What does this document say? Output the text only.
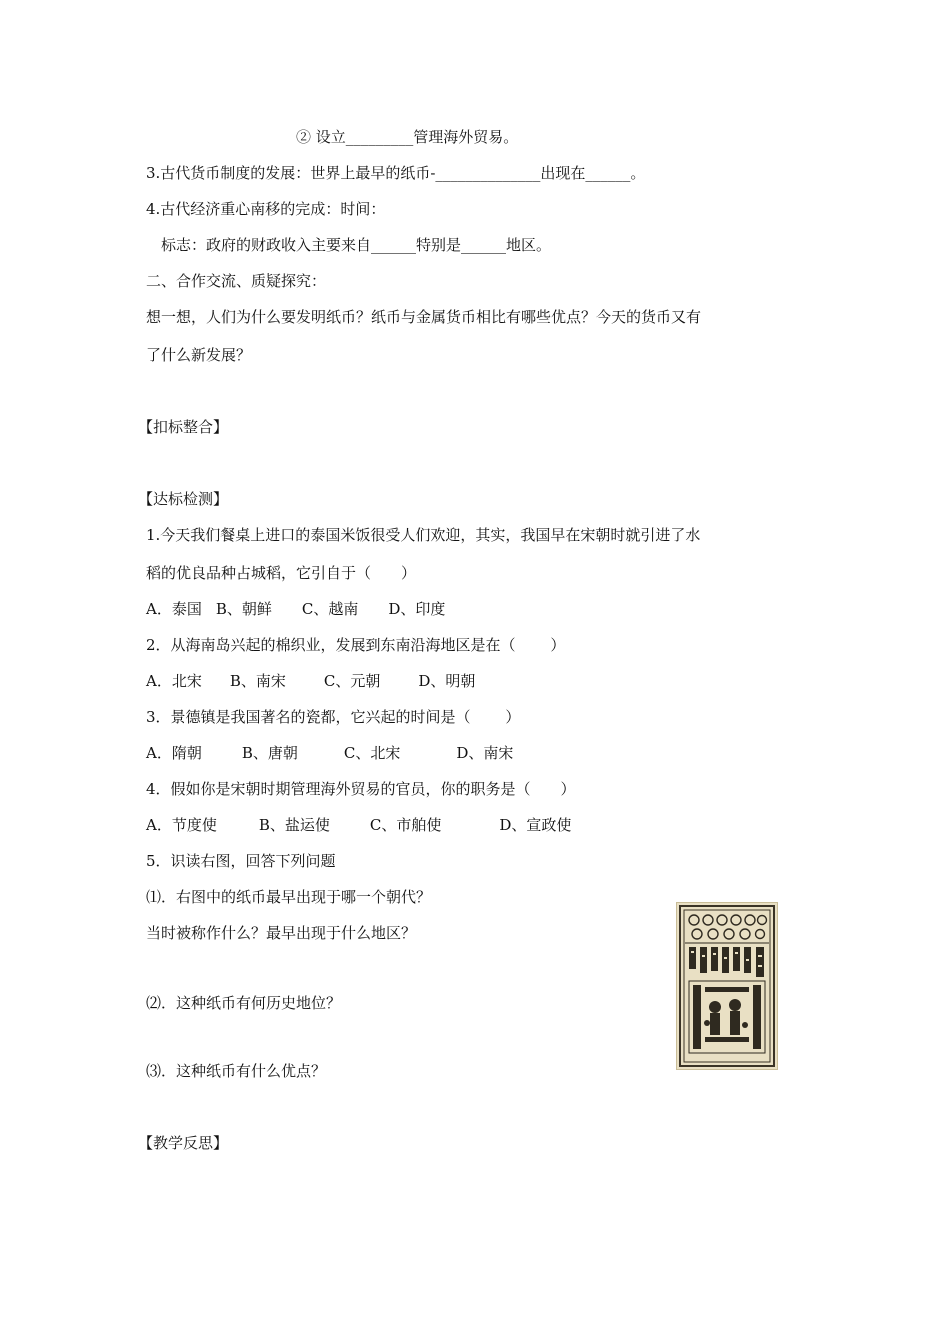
② 设立_________管理海外贸易。
3.古代货币制度的发展：世界上最早的纸币-______________出现在______。
4.古代经济重心南移的完成：时间：
标志：政府的财政收入主要来自______特别是______地区。
二、合作交流、质疑探究：
想一想，人们为什么要发明纸币？纸币与金属货币相比有哪些优点？今天的货币又有
了什么新发展？
【扣标整合】
【达标检测】
1.今天我们餐桌上进口的泰国米饭很受人们欢迎，其实，我国早在宋朝时就引进了水
稻的优良品种占城稻，它引自于（　　）
A．泰国 B、朝鲜 C、越南 D、印度
2．从海南岛兴起的棉织业，发展到东南沿海地区是在（　　 ）
A．北宋 B、南宋	C、元朝	D、明朝
3．景德镇是我国著名的瓷都，它兴起的时间是（　　 ）
A．隋朝	B、唐朝	C、北宋	D、南宋
4．假如你是宋朝时期管理海外贸易的官员，你的职务是（　　）
A．节度使	B、盐运使	C、市舶使	D、宣政使
5．识读右图，回答下列问题
⑴．右图中的纸币最早出现于哪一个朝代？
当时被称作什么？最早出现于什么地区？
⑵．这种纸币有何历史地位？
⑶．这种纸币有什么优点？
【教学反思】
